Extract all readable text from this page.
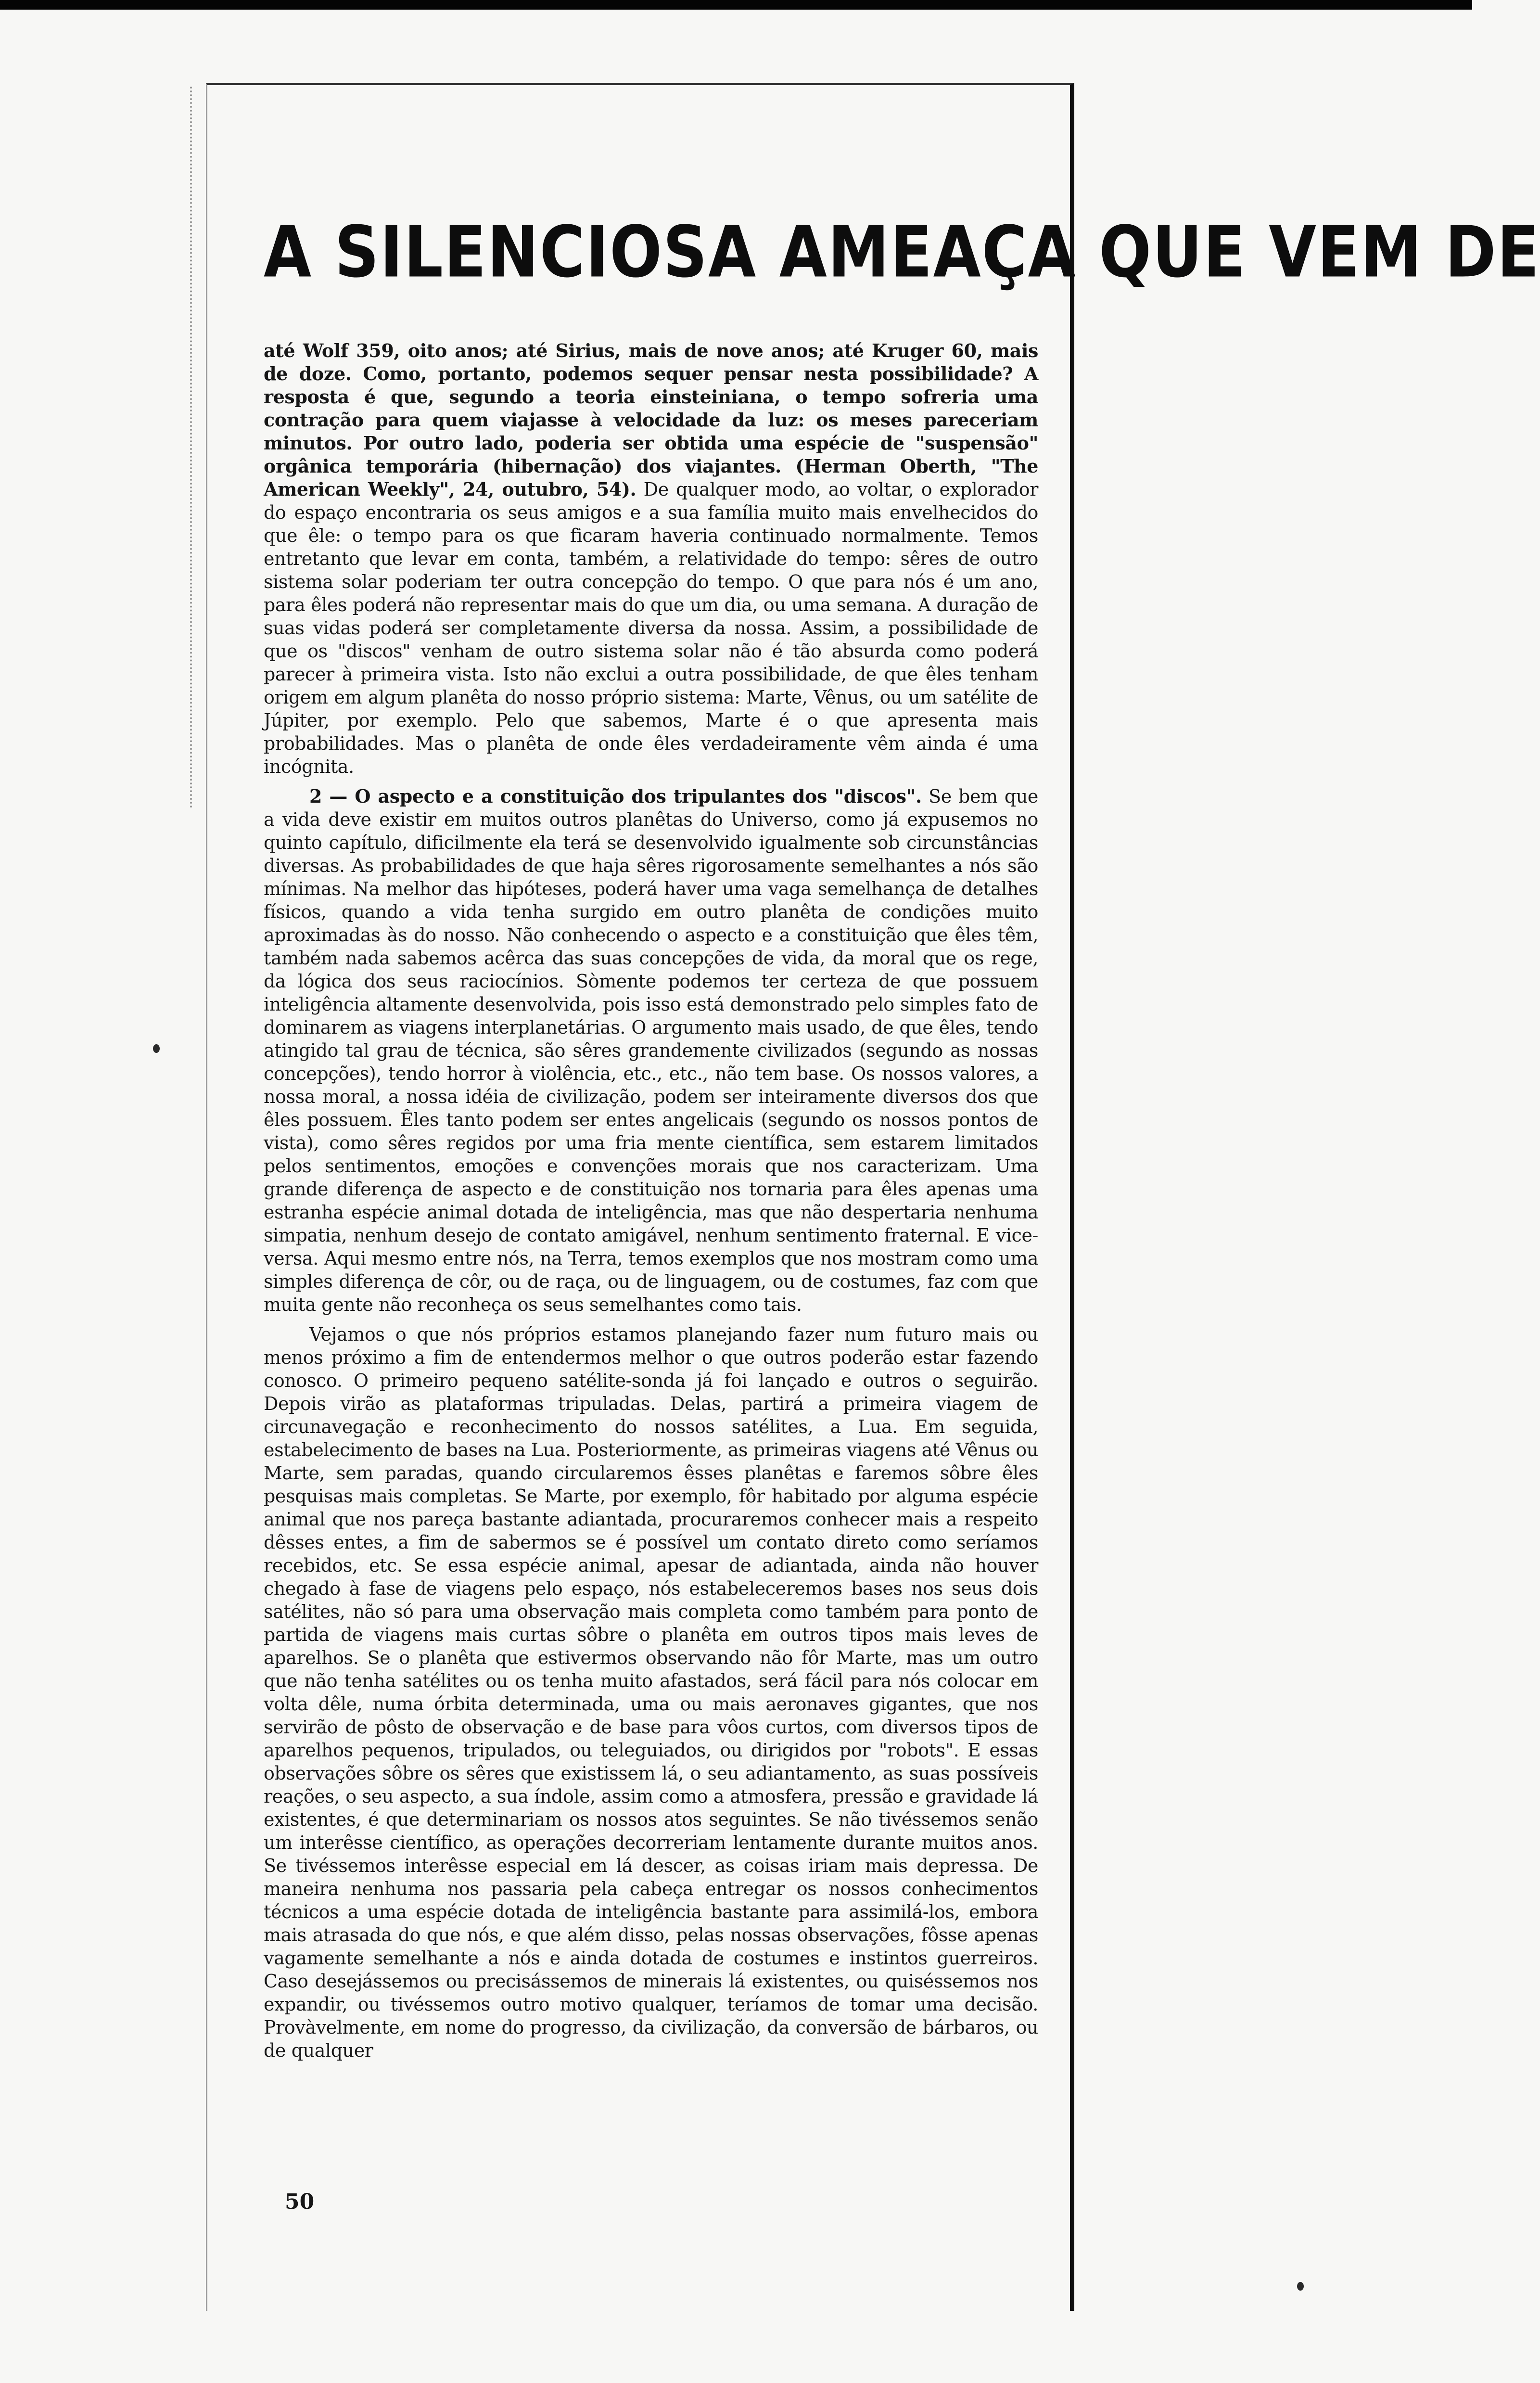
A SILENCIOSA AMEAÇA QUE VEM DE

até Wolf 359, oito anos; até Sirius, mais de nove anos; até Kruger 60, mais de doze. Como, portanto, podemos sequer pensar nesta possibilidade? A resposta é que, segundo a teoria einsteiniana, o tempo sofreria uma contração para quem viajasse à velocidade da luz: os meses pareceriam minutos. Por outro lado, poderia ser obtida uma espécie de "suspensão" orgânica temporária (hibernação) dos viajantes. (Herman Oberth, "The American Weekly", 24, outubro, 54). De qualquer modo, ao voltar, o explorador do espaço encontraria os seus amigos e a sua família muito mais envelhecidos do que êle: o tempo para os que ficaram haveria continuado normalmente. Temos entretanto que levar em conta, também, a relatividade do tempo: sêres de outro sistema solar poderiam ter outra concepção do tempo. O que para nós é um ano, para êles poderá não representar mais do que um dia, ou uma semana. A duração de suas vidas poderá ser completamente diversa da nossa. Assim, a possibilidade de que os "discos" venham de outro sistema solar não é tão absurda como poderá parecer à primeira vista. Isto não exclui a outra possibilidade, de que êles tenham origem em algum planêta do nosso próprio sistema: Marte, Vênus, ou um satélite de Júpiter, por exemplo. Pelo que sabemos, Marte é o que apresenta mais probabilidades. Mas o planêta de onde êles verdadeiramente vêm ainda é uma incógnita.

2 — O aspecto e a constituição dos tripulantes dos "discos". Se bem que a vida deve existir em muitos outros planêtas do Universo, como já expusemos no quinto capítulo, dificilmente ela terá se desenvolvido igualmente sob circunstâncias diversas. As probabilidades de que haja sêres rigorosamente semelhantes a nós são mínimas. Na melhor das hipóteses, poderá haver uma vaga semelhança de detalhes físicos, quando a vida tenha surgido em outro planêta de condições muito aproximadas às do nosso. Não conhecendo o aspecto e a constituição que êles têm, também nada sabemos acêrca das suas concepções de vida, da moral que os rege, da lógica dos seus raciocínios. Sòmente podemos ter certeza de que possuem inteligência altamente desenvolvida, pois isso está demonstrado pelo simples fato de dominarem as viagens interplanetárias. O argumento mais usado, de que êles, tendo atingido tal grau de técnica, são sêres grandemente civilizados (segundo as nossas concepções), tendo horror à violência, etc., etc., não tem base. Os nossos valores, a nossa moral, a nossa idéia de civilização, podem ser inteiramente diversos dos que êles possuem. Êles tanto podem ser entes angelicais (segundo os nossos pontos de vista), como sêres regidos por uma fria mente científica, sem estarem limitados pelos sentimentos, emoções e convenções morais que nos caracterizam. Uma grande diferença de aspecto e de constituição nos tornaria para êles apenas uma estranha espécie animal dotada de inteligência, mas que não despertaria nenhuma simpatia, nenhum desejo de contato amigável, nenhum sentimento fraternal. E vice-versa. Aqui mesmo entre nós, na Terra, temos exemplos que nos mostram como uma simples diferença de côr, ou de raça, ou de linguagem, ou de costumes, faz com que muita gente não reconheça os seus semelhantes como tais.

Vejamos o que nós próprios estamos planejando fazer num futuro mais ou menos próximo a fim de entendermos melhor o que outros poderão estar fazendo conosco. O primeiro pequeno satélite-sonda já foi lançado e outros o seguirão. Depois virão as plataformas tripuladas. Delas, partirá a primeira viagem de circunavegação e reconhecimento do nossos satélites, a Lua. Em seguida, estabelecimento de bases na Lua. Posteriormente, as primeiras viagens até Vênus ou Marte, sem paradas, quando circularemos êsses planêtas e faremos sôbre êles pesquisas mais completas. Se Marte, por exemplo, fôr habitado por alguma espécie animal que nos pareça bastante adiantada, procuraremos conhecer mais a respeito dêsses entes, a fim de sabermos se é possível um contato direto como seríamos recebidos, etc. Se essa espécie animal, apesar de adiantada, ainda não houver chegado à fase de viagens pelo espaço, nós estabeleceremos bases nos seus dois satélites, não só para uma observação mais completa como também para ponto de partida de viagens mais curtas sôbre o planêta em outros tipos mais leves de aparelhos. Se o planêta que estivermos observando não fôr Marte, mas um outro que não tenha satélites ou os tenha muito afastados, será fácil para nós colocar em volta dêle, numa órbita determinada, uma ou mais aeronaves gigantes, que nos servirão de pôsto de observação e de base para vôos curtos, com diversos tipos de aparelhos pequenos, tripulados, ou teleguiados, ou dirigidos por "robots". E essas observações sôbre os sêres que existissem lá, o seu adiantamento, as suas possíveis reações, o seu aspecto, a sua índole, assim como a atmosfera, pressão e gravidade lá existentes, é que determinariam os nossos atos seguintes. Se não tivéssemos senão um interêsse científico, as operações decorreriam lentamente durante muitos anos. Se tivéssemos interêsse especial em lá descer, as coisas iriam mais depressa. De maneira nenhuma nos passaria pela cabeça entregar os nossos conhecimentos técnicos a uma espécie dotada de inteligência bastante para assimilá-los, embora mais atrasada do que nós, e que além disso, pelas nossas observações, fôsse apenas vagamente semelhante a nós e ainda dotada de costumes e instintos guerreiros. Caso desejássemos ou precisássemos de minerais lá existentes, ou quiséssemos nos expandir, ou tivéssemos outro motivo qualquer, teríamos de tomar uma decisão. Provàvelmente, em nome do progresso, da civilização, da conversão de bárbaros, ou de qualquer

50
